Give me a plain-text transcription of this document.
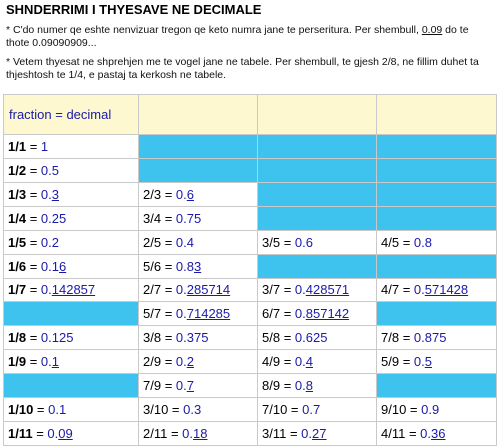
SHNDERRIMI I THYESAVE NE DECIMALE
* C'do numer qe eshte nenvizuar tregon qe keto numra jane te perseritura. Per shembull, 0.09 do te thote 0.09090909...
* Vetem thyesat ne shprehjen me te vogel jane ne tabele. Per shembull, te gjesh 2/8, ne fillim duhet ta thjeshtosh te 1/4, e pastaj ta kerkosh ne tabele.
fraction = decimal			
1/1 = 1			
1/2 = 0.5			
1/3 = 0.3	2/3 = 0.6		
1/4 = 0.25	3/4 = 0.75		
1/5 = 0.2	2/5 = 0.4	3/5 = 0.6	4/5 = 0.8
1/6 = 0.16	5/6 = 0.83		
1/7 = 0.142857	2/7 = 0.285714	3/7 = 0.428571	4/7 = 0.571428
	5/7 = 0.714285	6/7 = 0.857142	
1/8 = 0.125	3/8 = 0.375	5/8 = 0.625	7/8 = 0.875
1/9 = 0.1	2/9 = 0.2	4/9 = 0.4	5/9 = 0.5
	7/9 = 0.7	8/9 = 0.8	
1/10 = 0.1	3/10 = 0.3	7/10 = 0.7	9/10 = 0.9
1/11 = 0.09	2/11 = 0.18	3/11 = 0.27	4/11 = 0.36
